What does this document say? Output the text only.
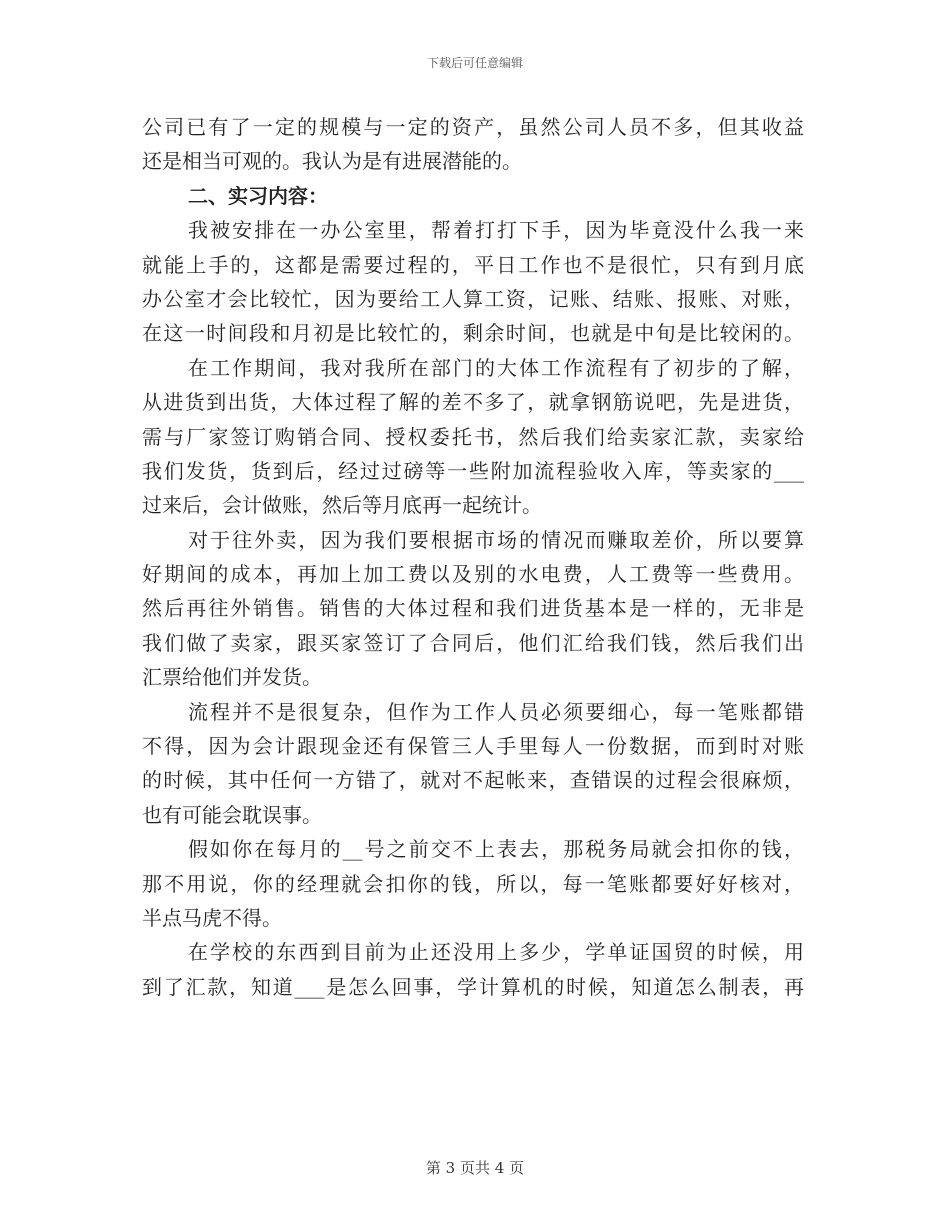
下载后可任意编辑
公司已有了一定的规模与一定的资产，虽然公司人员不多，但其收益
还是相当可观的。我认为是有进展潜能的。
二、实习内容：
我被安排在一办公室里，帮着打打下手，因为毕竟没什么我一来
就能上手的，这都是需要过程的，平日工作也不是很忙，只有到月底
办公室才会比较忙，因为要给工人算工资，记账、结账、报账、对账，
在这一时间段和月初是比较忙的，剩余时间，也就是中旬是比较闲的。
在工作期间，我对我所在部门的大体工作流程有了初步的了解，
从进货到出货，大体过程了解的差不多了，就拿钢筋说吧，先是进货，
需与厂家签订购销合同、授权委托书，然后我们给卖家汇款，卖家给
我们发货，货到后，经过过磅等一些附加流程验收入库，等卖家的___
过来后，会计做账，然后等月底再一起统计。
对于往外卖，因为我们要根据市场的情况而赚取差价，所以要算
好期间的成本，再加上加工费以及别的水电费，人工费等一些费用。
然后再往外销售。销售的大体过程和我们进货基本是一样的，无非是
我们做了卖家，跟买家签订了合同后，他们汇给我们钱，然后我们出
汇票给他们并发货。
流程并不是很复杂，但作为工作人员必须要细心，每一笔账都错
不得，因为会计跟现金还有保管三人手里每人一份数据，而到时对账
的时候，其中任何一方错了，就对不起帐来，查错误的过程会很麻烦，
也有可能会耽误事。
假如你在每月的__号之前交不上表去，那税务局就会扣你的钱，
那不用说，你的经理就会扣你的钱，所以，每一笔账都要好好核对，
半点马虎不得。
在学校的东西到目前为止还没用上多少，学单证国贸的时候，用
到了汇款，知道___是怎么回事，学计算机的时候，知道怎么制表，再
第 3 页共 4 页
